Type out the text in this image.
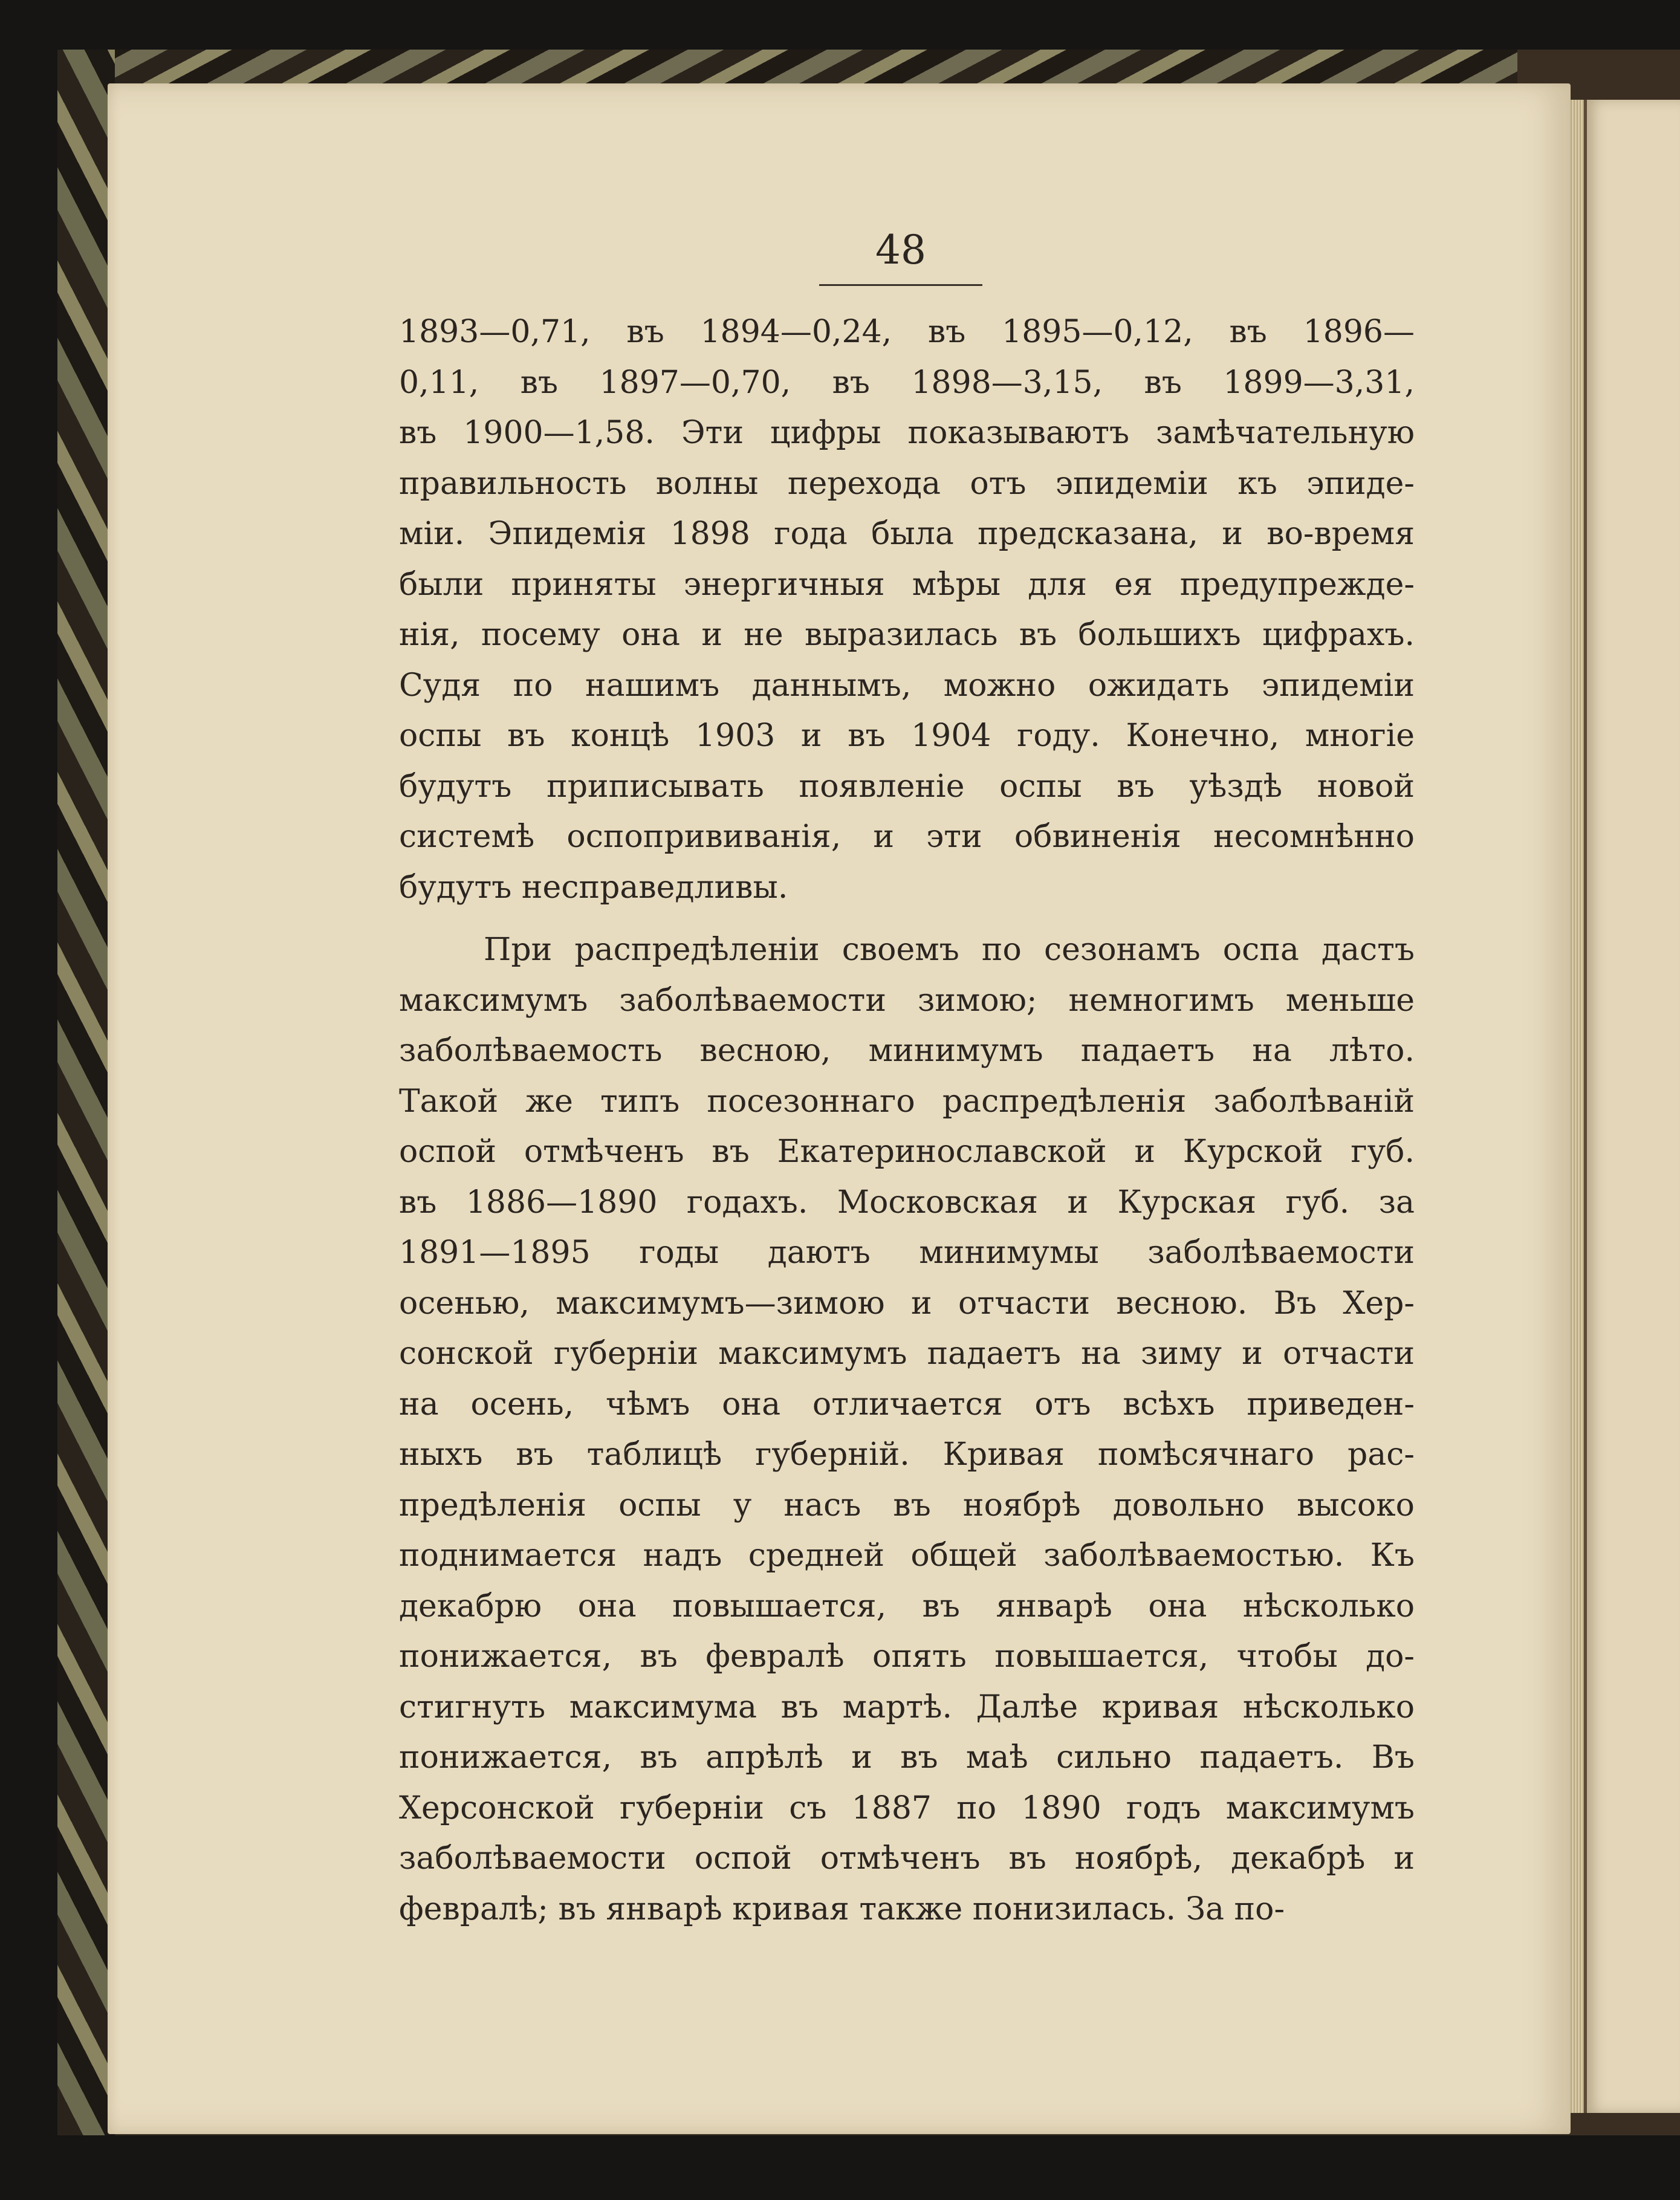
48
1893—0,71, въ 1894—0,24, въ 1895—0,12, въ 1896—
0,11, въ 1897—0,70, въ 1898—3,15, въ 1899—3,31,
въ 1900—1,58. Эти цифры показываютъ замѣчательную
правильность волны перехода отъ эпидеміи къ эпиде-
міи. Эпидемія 1898 года была предсказана, и во-время
были приняты энергичныя мѣры для ея предупрежде-
нія, посему она и не выразилась въ большихъ цифрахъ.
Судя по нашимъ даннымъ, можно ожидать эпидеміи
оспы въ концѣ 1903 и въ 1904 году. Конечно, многіе
будутъ приписывать появленіе оспы въ уѣздѣ новой
системѣ оспопрививанія, и эти обвиненія несомнѣнно
будутъ несправедливы.
При распредѣленіи своемъ по сезонамъ оспа дастъ
максимумъ заболѣваемости зимою; немногимъ меньше
заболѣваемость весною, минимумъ падаетъ на лѣто.
Такой же типъ посезоннаго распредѣленія заболѣваній
оспой отмѣченъ въ Екатеринославской и Курской губ.
въ 1886—1890 годахъ. Московская и Курская губ. за
1891—1895 годы даютъ минимумы заболѣваемости
осенью, максимумъ—зимою и отчасти весною. Въ Хер-
сонской губерніи максимумъ падаетъ на зиму и отчасти
на осень, чѣмъ она отличается отъ всѣхъ приведен-
ныхъ въ таблицѣ губерній. Кривая помѣсячнаго рас-
предѣленія оспы у насъ въ ноябрѣ довольно высоко
поднимается надъ средней общей заболѣваемостью. Къ
декабрю она повышается, въ январѣ она нѣсколько
понижается, въ февралѣ опять повышается, чтобы до-
стигнуть максимума въ мартѣ. Далѣе кривая нѣсколько
понижается, въ апрѣлѣ и въ маѣ сильно падаетъ. Въ
Херсонской губерніи съ 1887 по 1890 годъ максимумъ
заболѣваемости оспой отмѣченъ въ ноябрѣ, декабрѣ и
февралѣ; въ январѣ кривая также понизилась. За по-
